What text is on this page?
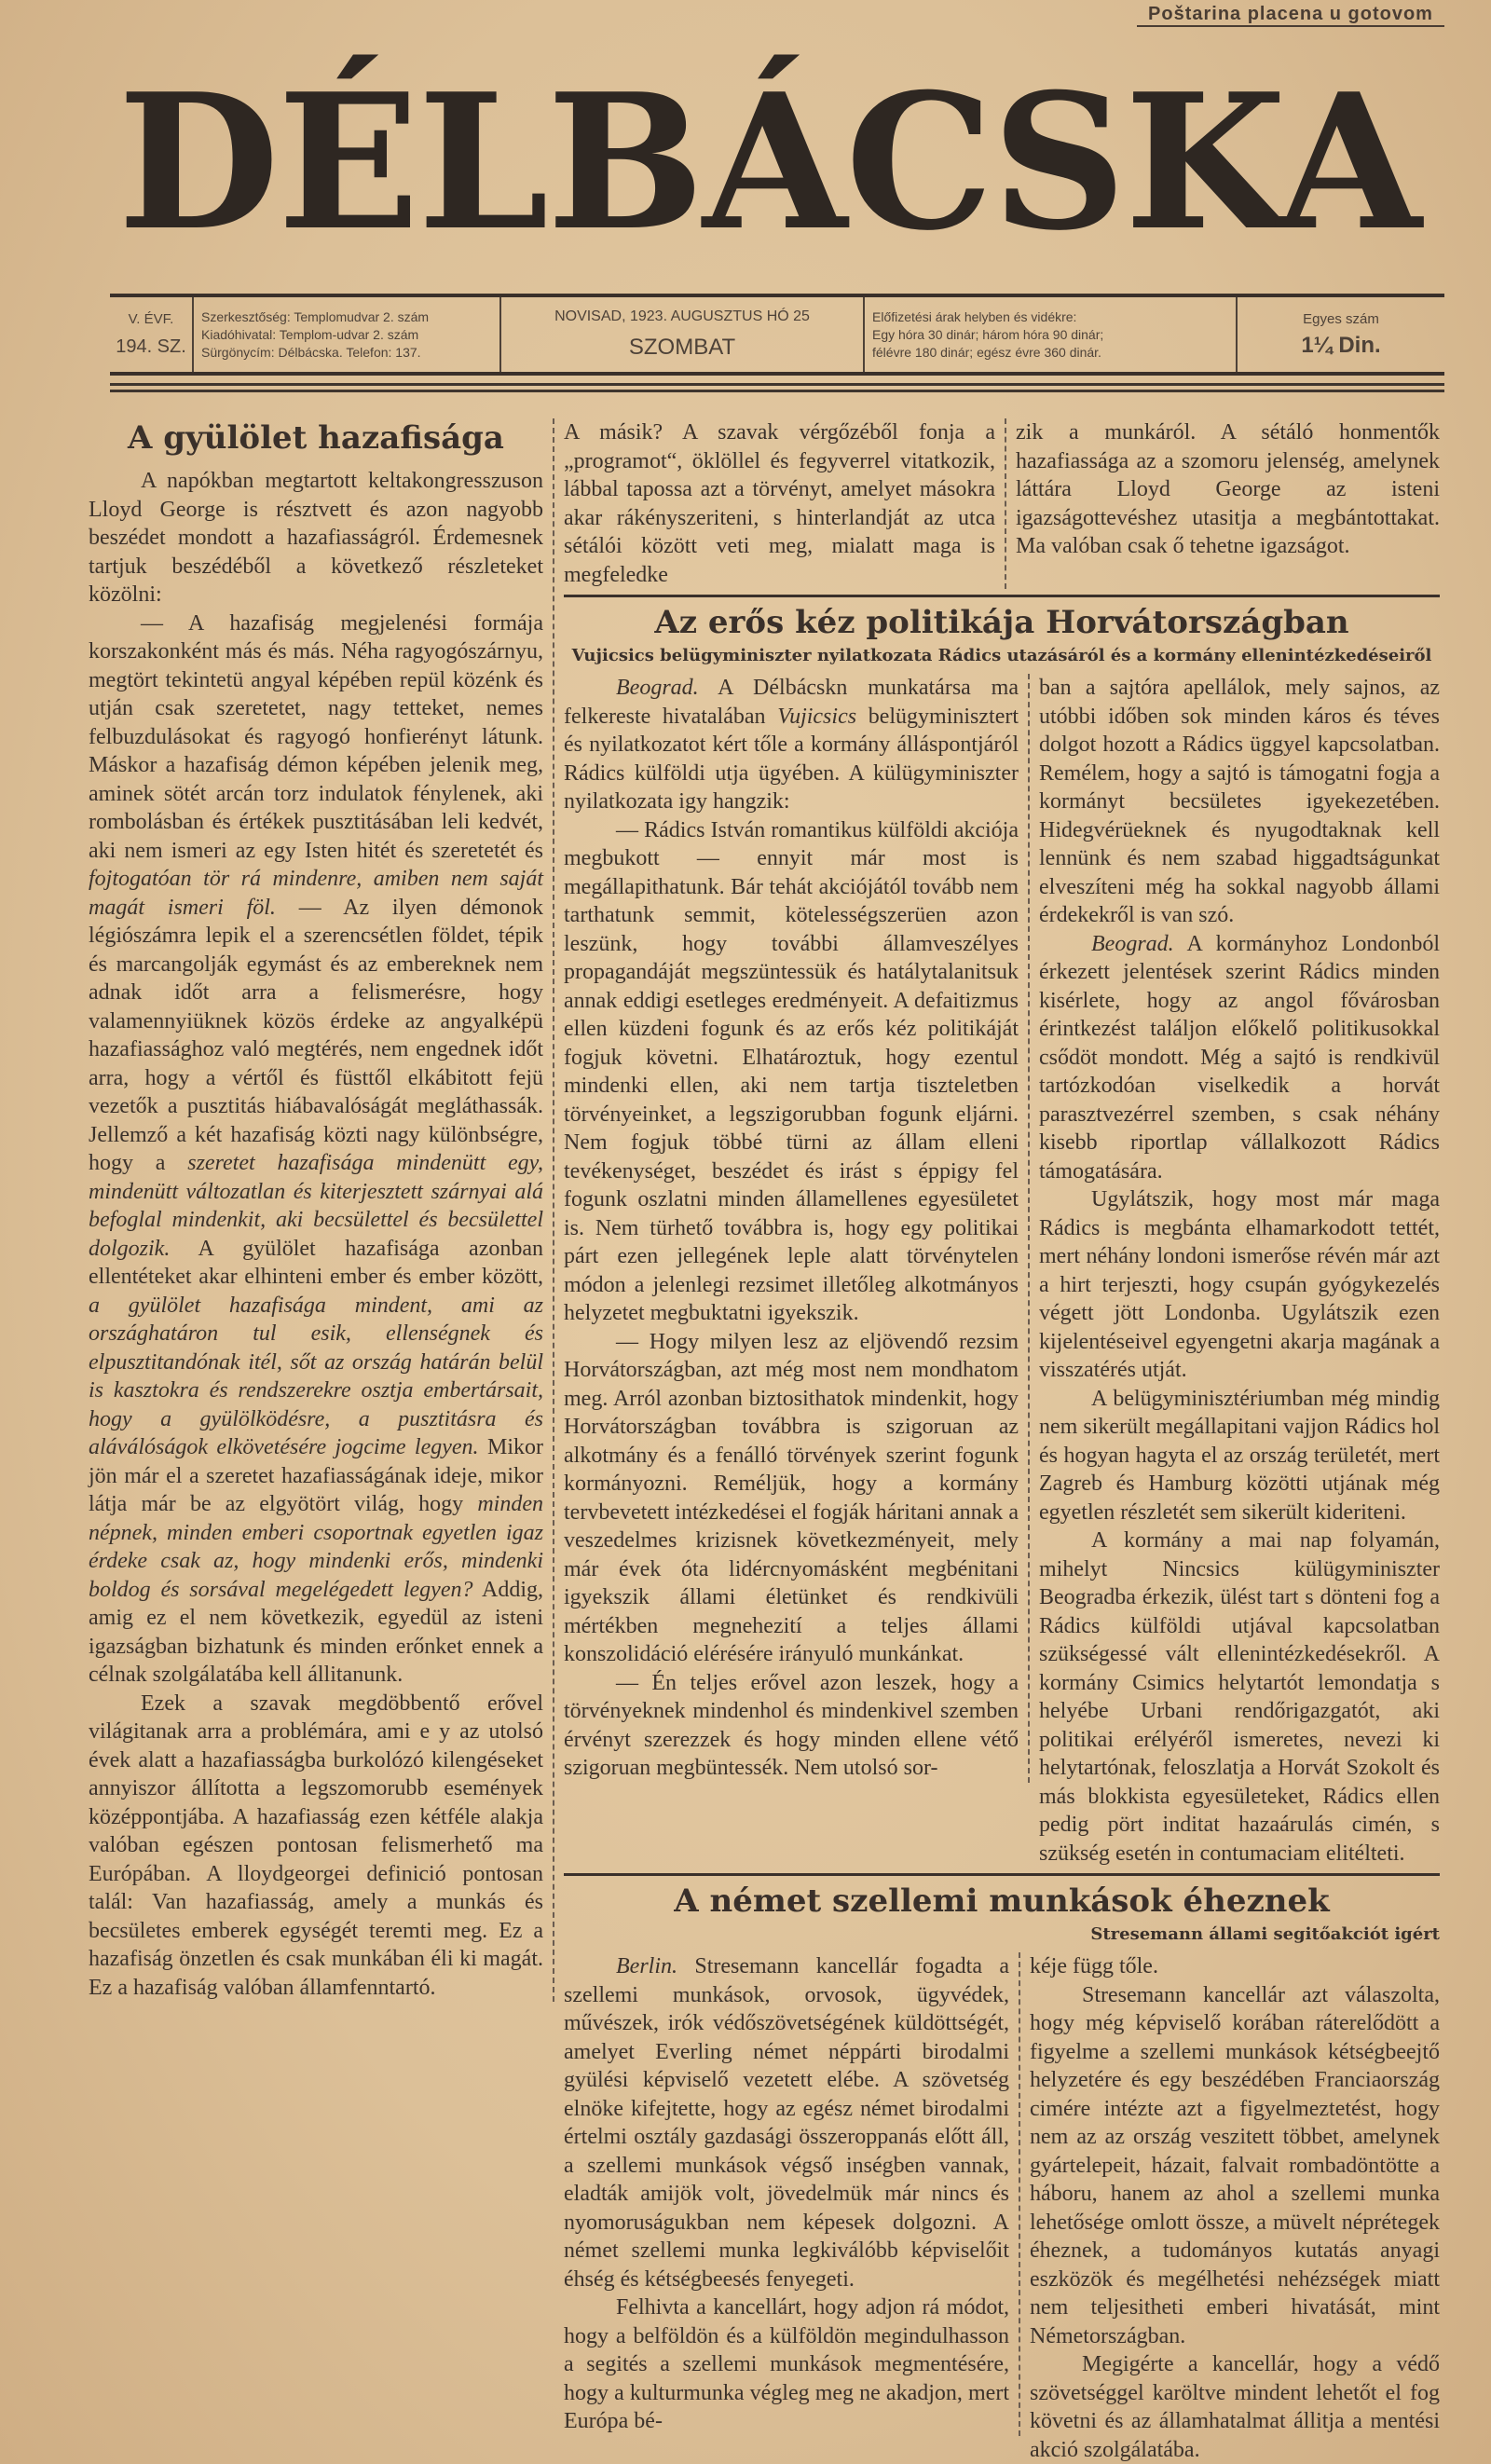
Poštarina placena u gotovom
DÉLBÁCSKA
V. ÉVF.
194. SZ.
Szerkesztőség: Templomudvar 2. szám
Kiadóhivatal: Templom-udvar 2. szám
Sürgönycím: Délbácska. Telefon: 137.
NOVISAD, 1923. AUGUSZTUS HÓ 25
SZOMBAT
Előfizetési árak helyben és vidékre:
Egy hóra 30 dinár; három hóra 90 dinár;
félévre 180 dinár; egész évre 360 dinár.
Egyes szám
1¼ Din.
A gyülölet hazafisága

A napókban megtartott keltakongresszuson Lloyd George is résztvett és azon nagyobb beszédet mondott a hazafiasságról. Érdemesnek tartjuk beszédéből a következő részleteket közölni:

— A hazafiság megjelenési formája korszakonként más és más. Néha ragyogószárnyu, megtört tekintetü angyal képében repül közénk és utján csak szeretetet, nagy tetteket, nemes felbuzdulásokat és ragyogó honfierényt látunk. Máskor a hazafiság démon képében jelenik meg, aminek sötét arcán torz indulatok fénylenek, aki rombolásban és értékek pusztitásában leli kedvét, aki nem ismeri az egy Isten hitét és szeretetét és fojtogatóan tör rá mindenre, amiben nem saját magát ismeri föl. — Az ilyen démonok légiószámra lepik el a szerencsétlen földet, tépik és marcangolják egymást és az embereknek nem adnak időt arra a felismerésre, hogy valamennyiüknek közös érdeke az angyalképü hazafiassághoz való megtérés, nem engednek időt arra, hogy a vértől és füsttől elkábitott fejü vezetők a pusztitás hiábavalóságát megláthassák. Jellemző a két hazafiság közti nagy különbségre, hogy a szeretet hazafisága mindenütt egy, mindenütt változatlan és kiterjesztett szárnyai alá befoglal mindenkit, aki becsülettel és becsülettel dolgozik. A gyülölet hazafisága azonban ellentéteket akar elhinteni ember és ember között, a gyülölet hazafisága mindent, ami az országhatáron tul esik, ellenségnek és elpusztitandónak itél, sőt az ország határán belül is kasztokra és rendszerekre osztja embertársait, hogy a gyülölködésre, a pusztitásra és aláválóságok elkövetésére jogcime legyen. Mikor jön már el a szeretet hazafiasságának ideje, mikor látja már be az elgyötört világ, hogy minden népnek, minden emberi csoportnak egyetlen igaz érdeke csak az, hogy mindenki erős, mindenki boldog és sorsával megelégedett legyen? Addig, amig ez el nem következik, egyedül az isteni igazságban bizhatunk és minden erőnket ennek a célnak szolgálatába kell állitanunk.

Ezek a szavak megdöbbentő erővel világitanak arra a problémára, ami e y az utolsó évek alatt a hazafiasságba burkolózó kilengéseket annyiszor állította a legszomorubb események középpontjába. A hazafiasság ezen kétféle alakja valóban egészen pontosan felismerhető ma Európában. A lloydgeorgei definició pontosan talál: Van hazafiasság, amely a munkás és becsületes emberek egységét teremti meg. Ez a hazafiság önzetlen és csak munkában éli ki magát. Ez a hazafiság valóban államfenntartó.

A másik? A szavak vérgőzéből fonja a „programot“, öklöllel és fegyverrel vitatkozik, lábbal tapossa azt a törvényt, amelyet másokra akar rákényszeriteni, s hinterlandját az utca sétálói között veti meg, mialatt maga is megfeledke

zik a munkáról. A sétáló honmentők hazafiassága az a szomoru jelenség, amelynek láttára Lloyd George az isteni igazságottevéshez utasitja a megbántottakat. Ma valóban csak ő tehetne igazságot.

Az erős kéz politikája Horvátországban
Vujicsics belügyminiszter nyilatkozata Rádics utazásáról és a kormány ellenintézkedéseiről

Beograd. A Délbácskn munkatársa ma felkereste hivatalában Vujicsics belügyminisztert és nyilatkozatot kért tőle a kormány álláspontjáról Rádics külföldi utja ügyében. A külügyminiszter nyilatkozata igy hangzik:

— Rádics István romantikus külföldi akciója megbukott — ennyit már most is megállapithatunk. Bár tehát akciójától tovább nem tarthatunk semmit, kötelességszerüen azon leszünk, hogy további államveszélyes propagandáját megszüntessük és hatálytalanitsuk annak eddigi esetleges eredményeit. A defaitizmus ellen küzdeni fogunk és az erős kéz politikáját fogjuk követni. Elhatároztuk, hogy ezentul mindenki ellen, aki nem tartja tiszteletben törvényeinket, a legszigorubban fogunk eljárni. Nem fogjuk többé türni az állam elleni tevékenységet, beszédet és irást s éppigy fel fogunk oszlatni minden államellenes egyesületet is. Nem türhető továbbra is, hogy egy politikai párt ezen jellegének leple alatt törvénytelen módon a jelenlegi rezsimet illetőleg alkotmányos helyzetet megbuktatni igyekszik.

— Hogy milyen lesz az eljövendő rezsim Horvátországban, azt még most nem mondhatom meg. Arról azonban biztosithatok mindenkit, hogy Horvátországban továbbra is szigoruan az alkotmány és a fenálló törvények szerint fogunk kormányozni. Reméljük, hogy a kormány tervbevetett intézkedései el fogják háritani annak a veszedelmes krizisnek következményeit, mely már évek óta lidércnyomásként megbénitani igyekszik állami életünket és rendkivüli mértékben megnehezití a teljes állami konszolidáció elérésére irányuló munkánkat.

— Én teljes erővel azon leszek, hogy a törvényeknek mindenhol és mindenkivel szemben érvényt szerezzek és hogy minden ellene vétő szigoruan megbüntessék. Nem utolsó sor-

ban a sajtóra apellálok, mely sajnos, az utóbbi időben sok minden káros és téves dolgot hozott a Rádics üggyel kapcsolatban. Remélem, hogy a sajtó is támogatni fogja a kormányt becsületes igyekezetében. Hidegvérüeknek és nyugodtaknak kell lennünk és nem szabad higgadtságunkat elveszíteni még ha sokkal nagyobb állami érdekekről is van szó.

Beograd. A kormányhoz Londonból érkezett jelentések szerint Rádics minden kisérlete, hogy az angol fővárosban érintkezést találjon előkelő politikusokkal csődöt mondott. Még a sajtó is rendkivül tartózkodóan viselkedik a horvát parasztvezérrel szemben, s csak néhány kisebb riportlap vállalkozott Rádics támogatására.

Ugylátszik, hogy most már maga Rádics is megbánta elhamarkodott tettét, mert néhány londoni ismerőse révén már azt a hirt terjeszti, hogy csupán gyógykezelés végett jött Londonba. Ugylátszik ezen kijelentéseivel egyengetni akarja magának a visszatérés utját.

A belügyminisztériumban még mindig nem sikerült megállapitani vajjon Rádics hol és hogyan hagyta el az ország területét, mert Zagreb és Hamburg közötti utjának még egyetlen részletét sem sikerült kideriteni.

A kormány a mai nap folyamán, mihelyt Nincsics külügyminiszter Beogradba érkezik, ülést tart s dönteni fog a Rádics külföldi utjával kapcsolatban szükségessé vált ellenintézkedésekről. A kormány Csimics helytartót lemondatja s helyébe Urbani rendőrigazgatót, aki politikai erélyéről ismeretes, nevezi ki helytartónak, feloszlatja a Horvát Szokolt és más blokkista egyesületeket, Rádics ellen pedig pört inditat hazaárulás cimén, s szükség esetén in contumaciam elitélteti.

A német szellemi munkások éheznek
Stresemann állami segitőakciót igért

Berlin. Stresemann kancellár fogadta a szellemi munkások, orvosok, ügyvédek, művészek, irók védőszövetségének küldöttségét, amelyet Everling német néppárti birodalmi gyülési képviselő vezetett elébe. A szövetség elnöke kifejtette, hogy az egész német birodalmi értelmi osztály gazdasági összeroppanás előtt áll, a szellemi munkások végső inségben vannak, eladták amijök volt, jövedelmük már nincs és nyomoruságukban nem képesek dolgozni. A német szellemi munka legkiválóbb képviselőit éhség és kétségbeesés fenyegeti.

Felhivta a kancellárt, hogy adjon rá módot, hogy a belföldön és a külföldön megindulhasson a segités a szellemi munkások megmentésére, hogy a kulturmunka végleg meg ne akadjon, mert Európa bé-

kéje függ tőle.

Stresemann kancellár azt válaszolta, hogy még képviselő korában ráterelődött a figyelme a szellemi munkások kétségbeejtő helyzetére és egy beszédében Franciaország cimére intézte azt a figyelmeztetést, hogy nem az az ország veszitett többet, amelynek gyártelepeit, házait, falvait rombadöntötte a háboru, hanem az ahol a szellemi munka lehetősége omlott össze, a müvelt néprétegek éheznek, a tudományos kutatás anyagi eszközök és megélhetési nehézségek miatt nem teljesitheti emberi hivatását, mint Németországban.

Megigérte a kancellár, hogy a védő szövetséggel karöltve mindent lehetőt el fog követni és az államhatalmat állitja a mentési akció szolgálatába.
